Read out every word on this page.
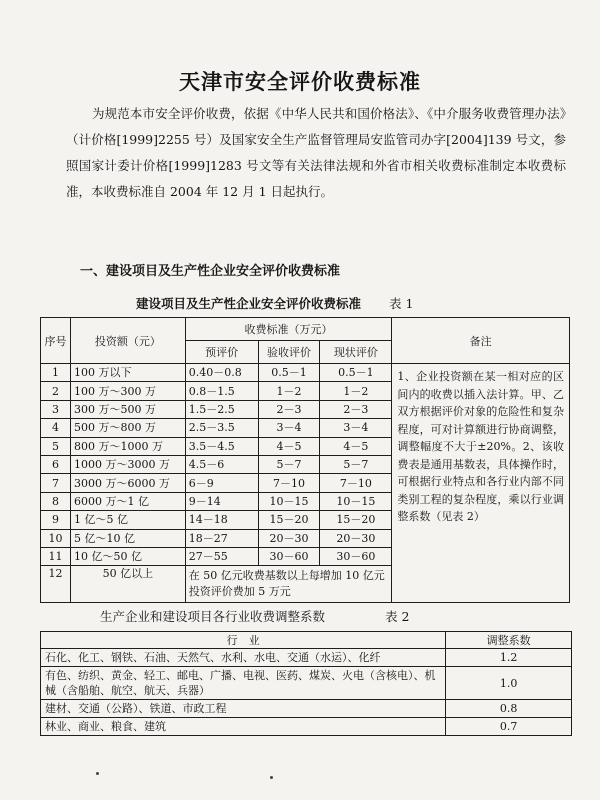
天津市安全评价收费标准

为规范本市安全评价收费，依据《中华人民共和国价格法》、《中介服务收费管理办法》（计价格[1999]2255 号）及国家安全生产监督管理局安监管司办字[2004]139 号文，参照国家计委计价格[1999]1283 号文等有关法律法规和外省市相关收费标准制定本收费标准，本收费标准自 2004 年 12 月 1 日起执行。

一、建设项目及生产性企业安全评价收费标准
建设项目及生产性企业安全评价收费标准 表 1
序号	投资额（元）	收费标准（万元）			备注
		预评价	验收评价	现状评价	
1	100 万以下	0.40－0.8	0.5－1	0.5－1	1、企业投资额在某一相对应的区间内的收费以插入法计算。甲、乙双方根据评价对象的危险性和复杂程度，可对计算额进行协商调整，调整幅度不大于±20%。2、该收费表是通用基数表，具体操作时，可根据行业特点和各行业内部不同类别工程的复杂程度，乘以行业调整系数（见表 2）
2	100 万～300 万	0.8－1.5	1－2	1－2	
3	300 万～500 万	1.5－2.5	2－3	2－3	
4	500 万～800 万	2.5－3.5	3－4	3－4	
5	800 万～1000 万	3.5－4.5	4－5	4－5	
6	1000 万～3000 万	4.5－6	5－7	5－7	
7	3000 万～6000 万	6－9	7－10	7－10	
8	6000 万～1 亿	9－14	10－15	10－15	
9	1 亿～5 亿	14－18	15－20	15－20	
10	5 亿～10 亿	18－27	20－30	20－30	
11	10 亿～50 亿	27－55	30－60	30－60	
12	50 亿以上	在 50 亿元收费基数以上每增加 10 亿元投资评价费加 5 万元			
生产企业和建设项目各行业收费调整系数	表 2
行　业	调整系数
石化、化工、钢铁、石油、天然气、水利、水电、交通（水运）、化纤	1.2
有色、纺织、黄金、轻工、邮电、广播、电视、医药、煤炭、火电（含核电）、机械（含船舶、航空、航天、兵器）	1.0
建材、交通（公路）、铁道、市政工程	0.8
林业、商业、粮食、建筑	0.7
